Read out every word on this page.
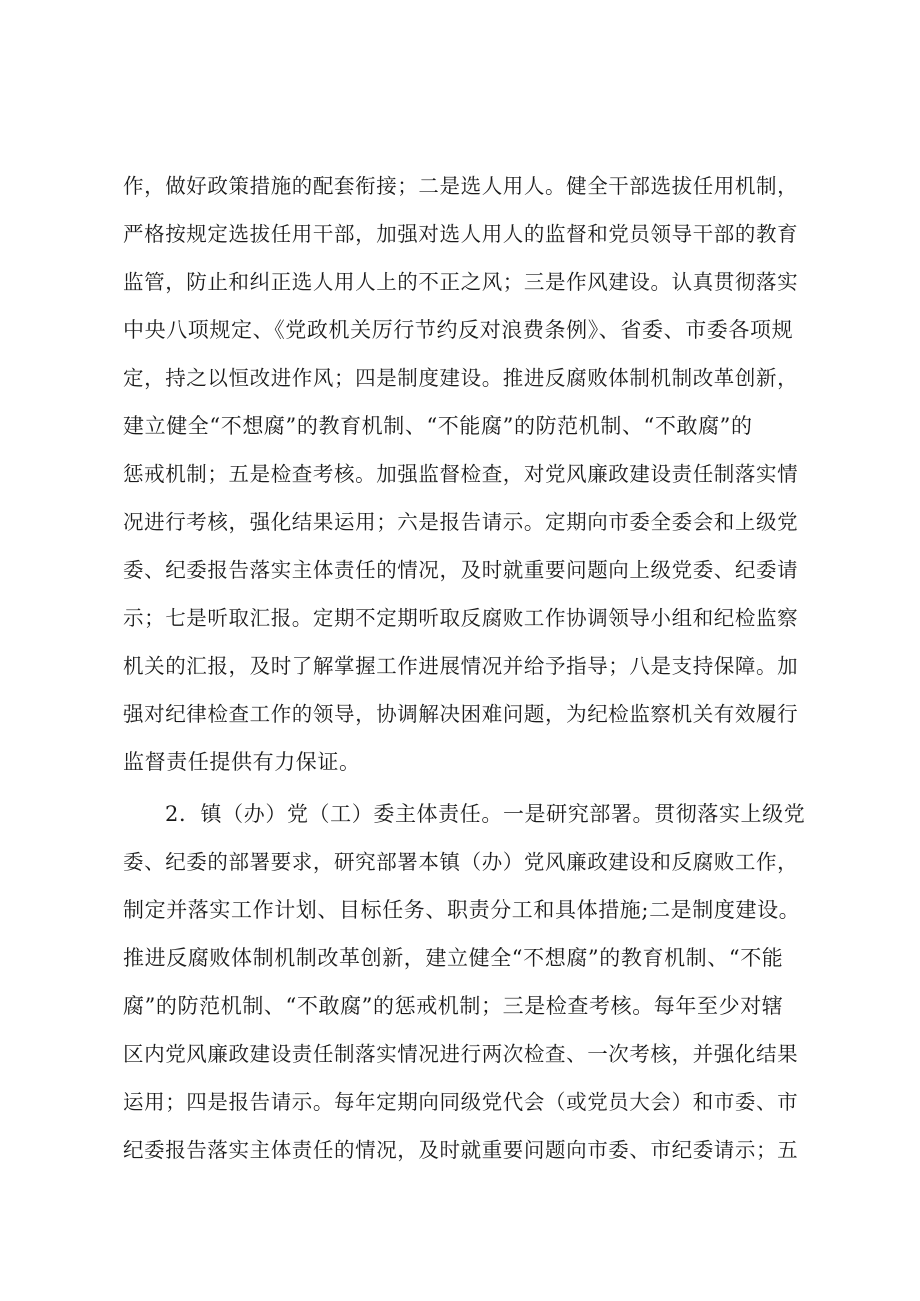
作，做好政策措施的配套衔接；二是选人用人。健全干部选拔任用机制，
严格按规定选拔任用干部，加强对选人用人的监督和党员领导干部的教育
监管，防止和纠正选人用人上的不正之风；三是作风建设。认真贯彻落实
中央八项规定、《党政机关厉行节约反对浪费条例》、省委、市委各项规
定，持之以恒改进作风；四是制度建设。推进反腐败体制机制改革创新，
建立健全“不想腐”的教育机制、“不能腐”的防范机制、“不敢腐”的
惩戒机制；五是检查考核。加强监督检查，对党风廉政建设责任制落实情
况进行考核，强化结果运用；六是报告请示。定期向市委全委会和上级党
委、纪委报告落实主体责任的情况，及时就重要问题向上级党委、纪委请
示；七是听取汇报。定期不定期听取反腐败工作协调领导小组和纪检监察
机关的汇报，及时了解掌握工作进展情况并给予指导；八是支持保障。加
强对纪律检查工作的领导，协调解决困难问题，为纪检监察机关有效履行
监督责任提供有力保证。
2．镇（办）党（工）委主体责任。一是研究部署。贯彻落实上级党
委、纪委的部署要求，研究部署本镇（办）党风廉政建设和反腐败工作，
制定并落实工作计划、目标任务、职责分工和具体措施;二是制度建设。
推进反腐败体制机制改革创新，建立健全“不想腐”的教育机制、“不能
腐”的防范机制、“不敢腐”的惩戒机制；三是检查考核。每年至少对辖
区内党风廉政建设责任制落实情况进行两次检查、一次考核，并强化结果
运用；四是报告请示。每年定期向同级党代会（或党员大会）和市委、市
纪委报告落实主体责任的情况，及时就重要问题向市委、市纪委请示；五
